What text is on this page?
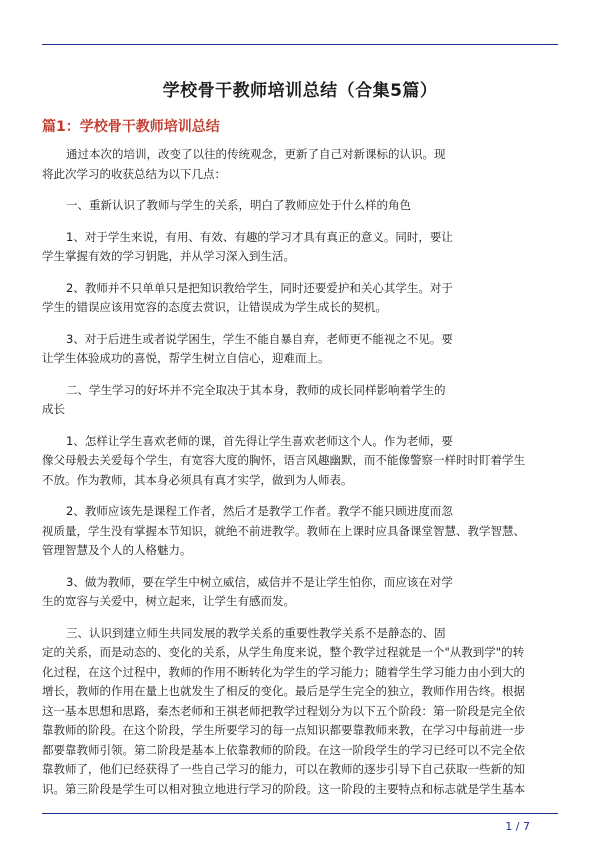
学校骨干教师培训总结（合集5篇）
篇1：学校骨干教师培训总结
通过本次的培训，改变了以往的传统观念，更新了自己对新课标的认识。现
将此次学习的收获总结为以下几点：
一、重新认识了教师与学生的关系，明白了教师应处于什么样的角色
1、对于学生来说，有用、有效、有趣的学习才具有真正的意义。同时，要让
学生掌握有效的学习钥匙，并从学习深入到生活。
2、教师并不只单单只是把知识教给学生，同时还要爱护和关心其学生。对于
学生的错误应该用宽容的态度去赏识，让错误成为学生成长的契机。
3、对于后进生或者说学困生，学生不能自暴自弃，老师更不能视之不见。要
让学生体验成功的喜悦，帮学生树立自信心，迎难而上。
二、学生学习的好坏并不完全取决于其本身，教师的成长同样影响着学生的
成长
1、怎样让学生喜欢老师的课，首先得让学生喜欢老师这个人。作为老师，要
像父母般去关爱每个学生，有宽容大度的胸怀，语言风趣幽默，而不能像警察一样时时盯着学生
不放。作为教师，其本身必须具有真才实学，做到为人师表。
2、教师应该先是课程工作者，然后才是教学工作者。教学不能只顾进度而忽
视质量，学生没有掌握本节知识，就绝不前进教学。教师在上课时应具备课堂智慧、教学智慧、
管理智慧及个人的人格魅力。
3、做为教师，要在学生中树立威信，威信并不是让学生怕你，而应该在对学
生的宽容与关爱中，树立起来，让学生有感而发。
三、认识到建立师生共同发展的教学关系的重要性教学关系不是静态的、固
定的关系，而是动态的、变化的关系，从学生角度来说，整个教学过程就是一个"从教到学"的转
化过程，在这个过程中，教师的作用不断转化为学生的学习能力；随着学生学习能力由小到大的
增长，教师的作用在量上也就发生了相反的变化。最后是学生完全的独立，教师作用告终。根据
这一基本思想和思路，秦杰老师和王祺老师把教学过程划分为以下五个阶段：第一阶段是完全依
靠教师的阶段。在这个阶段，学生所要学习的每一点知识都要靠教师来教，在学习中每前进一步
都要靠教师引领。第二阶段是基本上依靠教师的阶段。在这一阶段学生的学习已经可以不完全依
靠教师了，他们已经获得了一些自己学习的能力，可以在教师的逐步引导下自己获取一些新的知
识。第三阶段是学生可以相对独立地进行学习的阶段。这一阶段的主要特点和标志就是学生基本
1 / 7
